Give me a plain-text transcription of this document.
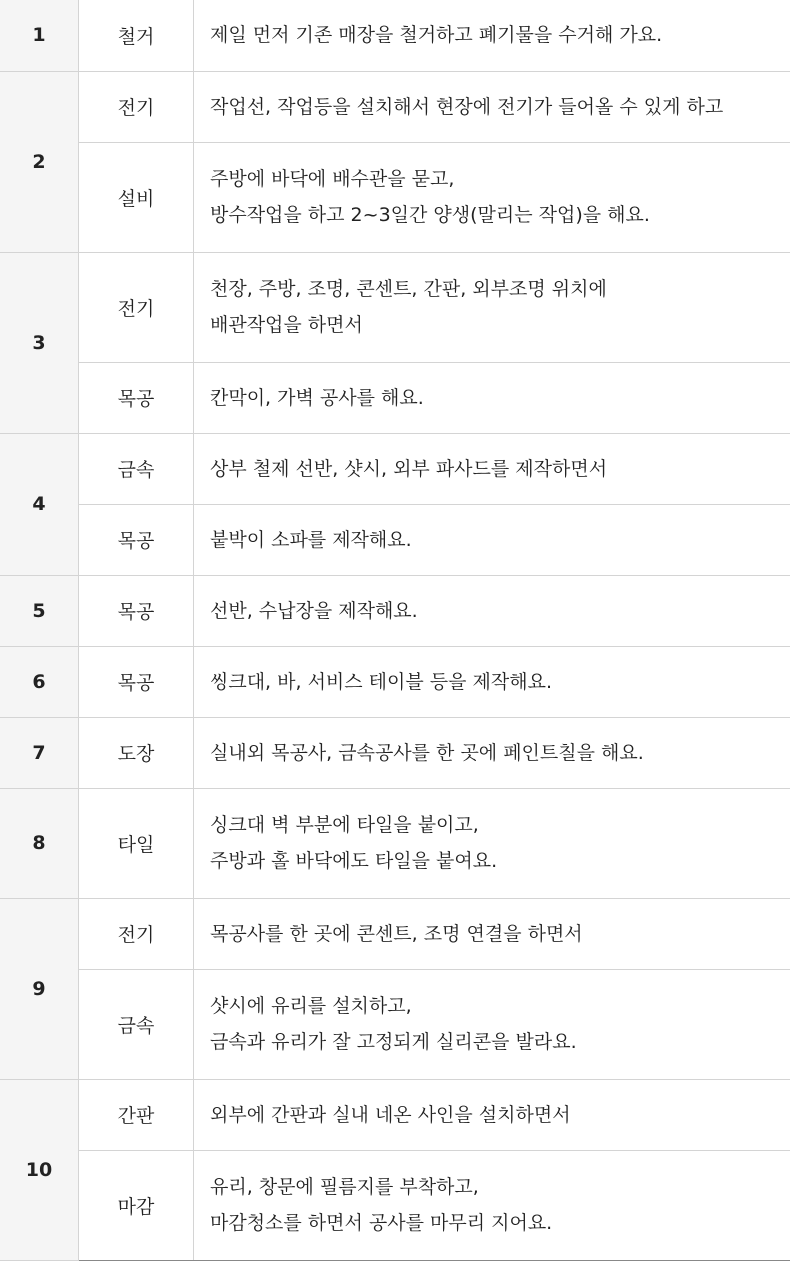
1	철거	제일 먼저 기존 매장을 철거하고 폐기물을 수거해 가요.

2	전기	작업선, 작업등을 설치해서 현장에 전기가 들어올 수 있게 하고

	설비	주방에 바닥에 배수관을 묻고,
방수작업을 하고 2~3일간 양생(말리는 작업)을 해요.

3	전기	천장, 주방, 조명, 콘센트, 간판, 외부조명 위치에
배관작업을 하면서

	목공	칸막이, 가벽 공사를 해요.

4	금속	상부 철제 선반, 샷시, 외부 파사드를 제작하면서

	목공	붙박이 소파를 제작해요.

5	목공	선반, 수납장을 제작해요.

6	목공	씽크대, 바, 서비스 테이블 등을 제작해요.

7	도장	실내외 목공사, 금속공사를 한 곳에 페인트칠을 해요.

8	타일	싱크대 벽 부분에 타일을 붙이고,
주방과 홀 바닥에도 타일을 붙여요.

9	전기	목공사를 한 곳에 콘센트, 조명 연결을 하면서

	금속	샷시에 유리를 설치하고,
금속과 유리가 잘 고정되게 실리콘을 발라요.

10	간판	외부에 간판과 실내 네온 사인을 설치하면서

	마감	유리, 창문에 필름지를 부착하고,
마감청소를 하면서 공사를 마무리 지어요.
